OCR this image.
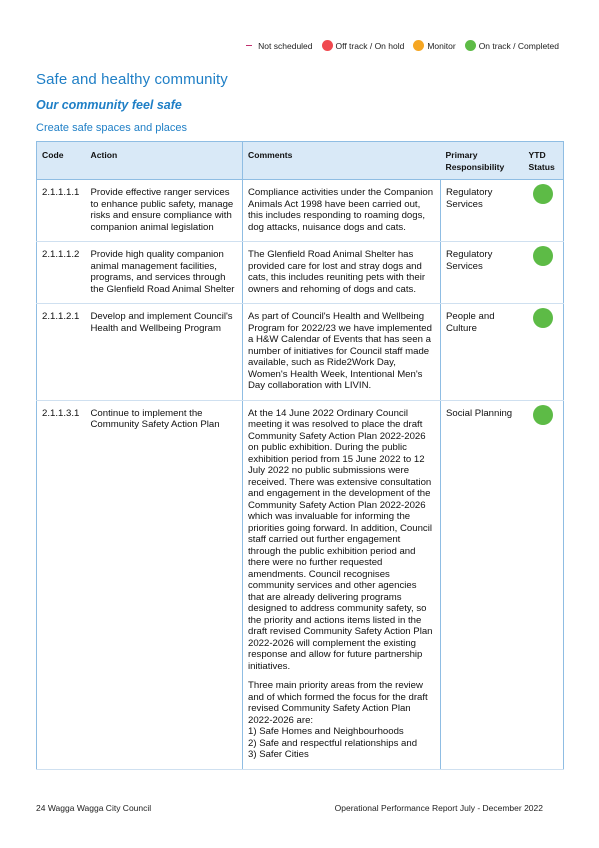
Not scheduled	Off track / On hold	Monitor	On track / Completed
Safe and healthy community
Our community feel safe
Create safe spaces and places
Code	Action	Comments	Primary Responsibility	YTD Status
2.1.1.1.1	Provide effective ranger services to enhance public safety, manage risks and ensure compliance with companion animal legislation	Compliance activities under the Companion Animals Act 1998 have been carried out, this includes responding to roaming dogs, dog attacks, nuisance dogs and cats.	Regulatory Services	
2.1.1.1.2	Provide high quality companion animal management facilities, programs, and services through the Glenfield Road Animal Shelter	The Glenfield Road Animal Shelter has provided care for lost and stray dogs and cats, this includes reuniting pets with their owners and rehoming of dogs and cats.	Regulatory Services	
2.1.1.2.1	Develop and implement Council's Health and Wellbeing Program	As part of Council's Health and Wellbeing Program for 2022/23 we have implemented a H&W Calendar of Events that has seen a number of initiatives for Council staff made available, such as Ride2Work Day, Women's Health Week, Intentional Men's Day collaboration with LIVIN.	People and Culture	
2.1.1.3.1	Continue to implement the Community Safety Action Plan	At the 14 June 2022 Ordinary Council meeting it was resolved to place the draft Community Safety Action Plan 2022-2026 on public exhibition. During the public exhibition period from 15 June 2022 to 12 July 2022 no public submissions were received. There was extensive consultation and engagement in the development of the Community Safety Action Plan 2022-2026 which was invaluable for informing the priorities going forward. In addition, Council staff carried out further engagement through the public exhibition period and there were no further requested amendments. Council recognises community services and other agencies that are already delivering programs designed to address community safety, so the priority and actions items listed in the draft revised Community Safety Action Plan 2022-2026 will complement the existing response and allow for future partnership initiatives.

Three main priority areas from the review and of which formed the focus for the draft revised Community Safety Action Plan 2022-2026 are:
1) Safe Homes and Neighbourhoods
2) Safe and respectful relationships and
3) Safer Cities	Social Planning	
24 Wagga Wagga City Council	Operational Performance Report July - December 2022
